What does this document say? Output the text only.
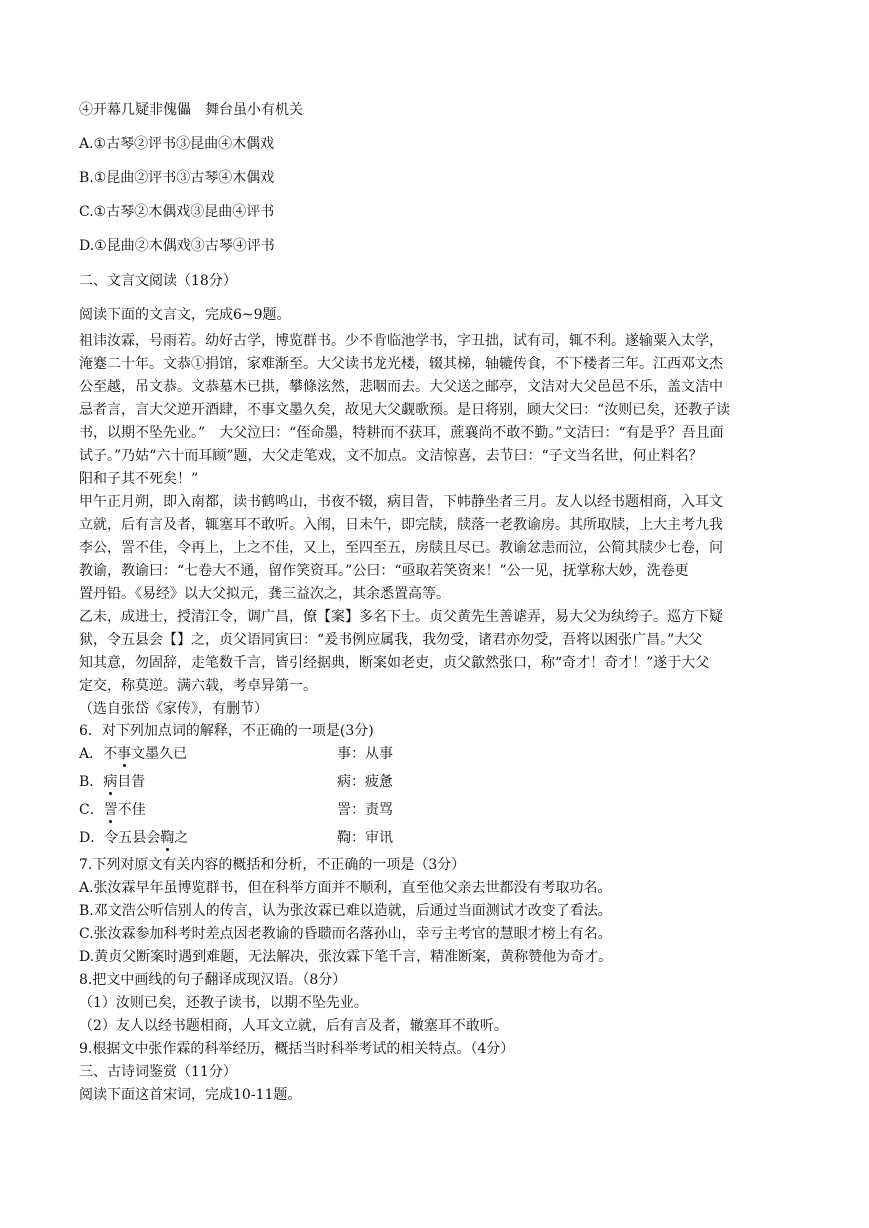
④开幕几疑非傀儡　舞台虽小有机关
A.①古琴②评书③昆曲④木偶戏
B.①昆曲②评书③古琴④木偶戏
C.①古琴②木偶戏③昆曲④评书
D.①昆曲②木偶戏③古琴④评书
二、文言文阅读（18分）
阅读下面的文言文，完成6~9题。
祖讳汝霖，号雨若。幼好古学，博览群书。少不肯临池学书，字丑拙，试有司，辄不利。遂输粟入太学，
淹蹇二十年。文恭①捐馆，家难渐至。大父读书龙光楼，辍其梯，轴辘传食，不下楼者三年。江西邓文杰
公至越，吊文恭。文恭墓木已拱，攀條泫然，悲咽而去。大父送之邮亭，文洁对大父邑邑不乐，盖文洁中
忌者言，言大父逆开酒肆，不事文墨久矣，故见大父觑歌预。是日将别，顾大父曰：“汝则已矣，还教子读
书，以期不坠先业。”　大父泣曰：“侄命墨，特耕而不获耳，蔗襄尚不敢不勤。”文洁曰：“有是乎？吾且面
试子。”乃姑“六十而耳顾”题，大父走笔戏，文不加点。文洁惊喜，去节曰：“子文当名世，何止料名？
阳和子其不死矣！”
甲午正月朔，即入南都，读书鹤鸣山，书夜不辍，病目眚，下帏静坐者三月。友人以经书题相商，入耳文
立就，后有言及者，辄塞耳不敢听。入闱，日未午，即完牍，牍落一老教谕房。其所取牍，上大主考九我
李公，詈不佳，令再上，上之不佳，又上，至四至五，房牍且尽已。教谕忿恚而泣，公简其牍少七卷，问
教谕，教谕曰：“七卷大不通，留作笑资耳。”公曰：“亟取若笑资来！”公一见，抚掌称大妙，洗卷更
置丹铅。《易经》以大父拟元，龚三益次之，其余悉置高等。
乙未，成进士，授清江令，调广昌，僚【案】多名下士。贞父黄先生善谑弄，易大父为纨绔子。巡方下疑
狱，令五县会【】之，贞父语同寅曰：“爰书例应属我，我勿受，诸君亦勿受，吾将以困张广昌。”大父
知其意，勿固辞，走笔数千言，皆引经据典，断案如老吏，贞父歙然张口，称“奇才！奇才！”遂于大父
定交，称莫逆。满六载，考卓异第一。
（选自张岱《家传》，有删节）
6．对下列加点词的解释，不正确的一项是(3分)
A．不事文墨久已	事：从事
B．病目眚	病：疲惫
C．詈不佳	詈：责骂
D．令五县会鞫之	鞫：审讯
7.下列对原文有关内容的概括和分析，不正确的一项是（3分）
A.张汝霖早年虽博览群书，但在科举方面并不顺利，直至他父亲去世都没有考取功名。
B.邓文浩公听信别人的传言，认为张汝霖已难以造就，后通过当面测试才改变了看法。
C.张汝霖参加科考时差点因老教谕的昏聩而名落孙山，幸亏主考官的慧眼才榜上有名。
D.黄贞父断案时遇到难题，无法解决，张汝霖下笔千言，精准断案，黄称赞他为奇才。
8.把文中画线的句子翻译成现汉语。（8分）
（1）汝则已矣，还教子读书，以期不坠先业。
（2）友人以经书题相商，人耳文立就，后有言及者，辙塞耳不敢听。
9.根据文中张作霖的科举经历，概括当时科举考试的相关特点。（4分）
三、古诗词鉴赏（11分）
阅读下面这首宋词，完成10-11题。
